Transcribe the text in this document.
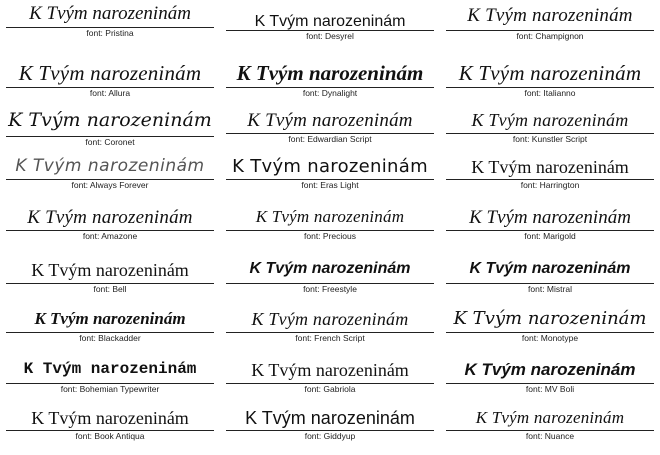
K Tvým narozeninám
font: Pristina
K Tvým narozeninám
font: Desyrel
K Tvým narozeninám
font: Champignon
K Tvým narozeninám
font: Allura
K Tvým narozeninám
font: Dynalight
K Tvým narozeninám
font: Italianno
K Tvým narozeninám
font: Coronet
K Tvým narozeninám
font: Edwardian Script
K Tvým narozeninám
font: Kunstler Script
K Tvým narozeninám
font: Always Forever
K Tvým narozeninám
font: Eras Light
K Tvým narozeninám
font: Harrington
K Tvým narozeninám
font: Amazone
K Tvým narozeninám
font: Precious
K Tvým narozeninám
font: Marigold
K Tvým narozeninám
font: Bell
K Tvým narozeninám
font: Freestyle
K Tvým narozeninám
font: Mistral
K Tvým narozeninám
font: Blackadder
K Tvým narozeninám
font: French Script
K Tvým narozeninám
font: Monotype
K Tvým narozeninám
font: Bohemian Typewriter
K Tvým narozeninám
font: Gabriola
K Tvým narozeninám
font: MV Boli
K Tvým narozeninám
font: Book Antiqua
K Tvým narozeninám
font: Giddyup
K Tvým narozeninám
font: Nuance
